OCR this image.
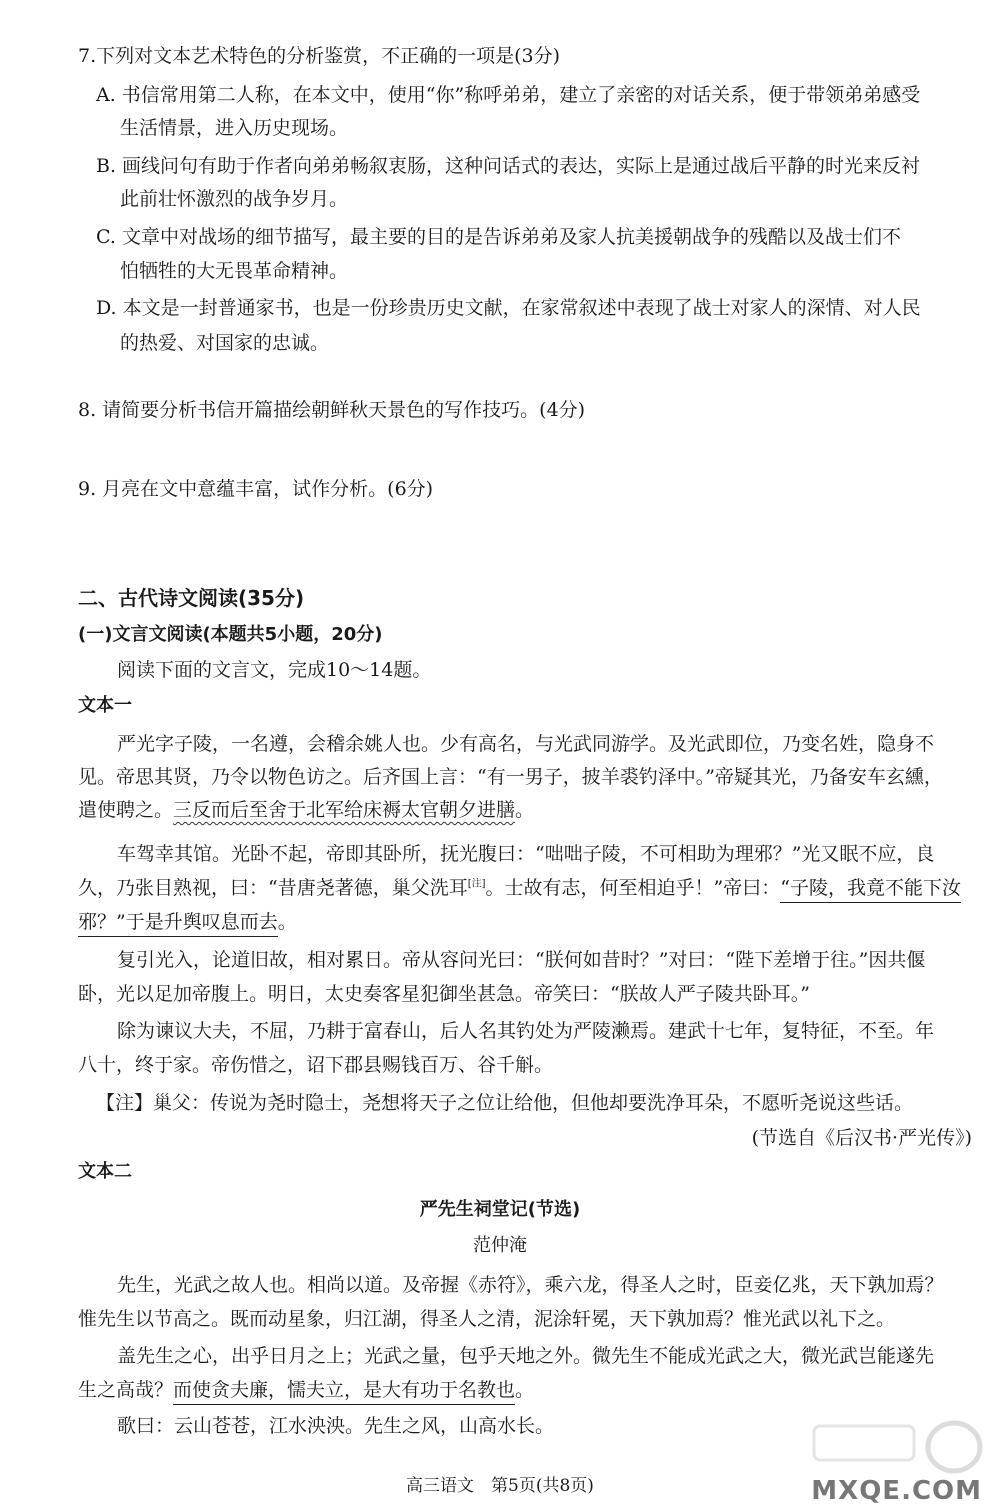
7.下列对文本艺术特色的分析鉴赏，不正确的一项是(3分)
A. 书信常用第二人称，在本文中，使用“你”称呼弟弟，建立了亲密的对话关系，便于带领弟弟感受
生活情景，进入历史现场。
B. 画线问句有助于作者向弟弟畅叙衷肠，这种问话式的表达，实际上是通过战后平静的时光来反衬
此前壮怀激烈的战争岁月。
C. 文章中对战场的细节描写，最主要的目的是告诉弟弟及家人抗美援朝战争的残酷以及战士们不
怕牺牲的大无畏革命精神。
D. 本文是一封普通家书，也是一份珍贵历史文献，在家常叙述中表现了战士对家人的深情、对人民
的热爱、对国家的忠诚。
8. 请简要分析书信开篇描绘朝鲜秋天景色的写作技巧。(4分)
9. 月亮在文中意蕴丰富，试作分析。(6分)
二、古代诗文阅读(35分)
(一)文言文阅读(本题共5小题，20分)
阅读下面的文言文，完成10～14题。
文本一
严光字子陵，一名遵，会稽余姚人也。少有高名，与光武同游学。及光武即位，乃变名姓，隐身不
见。帝思其贤，乃令以物色访之。后齐国上言：“有一男子，披羊裘钓泽中。”帝疑其光，乃备安车玄纁，
遣使聘之。三反而后至舍于北军给床褥太官朝夕进膳。
车驾幸其馆。光卧不起，帝即其卧所，抚光腹曰：“咄咄子陵，不可相助为理邪？”光又眠不应，良
久，乃张目熟视，曰：“昔唐尧著德，巢父洗耳[注]。士故有志，何至相迫乎！”帝曰：“子陵，我竟不能下汝
邪？”于是升舆叹息而去。
复引光入，论道旧故，相对累日。帝从容问光曰：“朕何如昔时？”对曰：“陛下差增于往。”因共偃
卧，光以足加帝腹上。明日，太史奏客星犯御坐甚急。帝笑曰：“朕故人严子陵共卧耳。”
除为谏议大夫，不屈，乃耕于富春山，后人名其钓处为严陵濑焉。建武十七年，复特征，不至。年
八十，终于家。帝伤惜之，诏下郡县赐钱百万、谷千斛。
【注】巢父：传说为尧时隐士，尧想将天子之位让给他，但他却要洗净耳朵，不愿听尧说这些话。
(节选自《后汉书·严光传》)
文本二
严先生祠堂记(节选)
范仲淹
先生，光武之故人也。相尚以道。及帝握《赤符》，乘六龙，得圣人之时，臣妾亿兆，天下孰加焉？
惟先生以节高之。既而动星象，归江湖，得圣人之清，泥涂轩冕，天下孰加焉？惟光武以礼下之。
盖先生之心，出乎日月之上；光武之量，包乎天地之外。微先生不能成光武之大，微光武岂能遂先
生之高哉？而使贪夫廉，懦夫立，是大有功于名教也。
歌曰：云山苍苍，江水泱泱。先生之风，山高水长。
高三语文　第5页(共8页)	MXQE.COM
